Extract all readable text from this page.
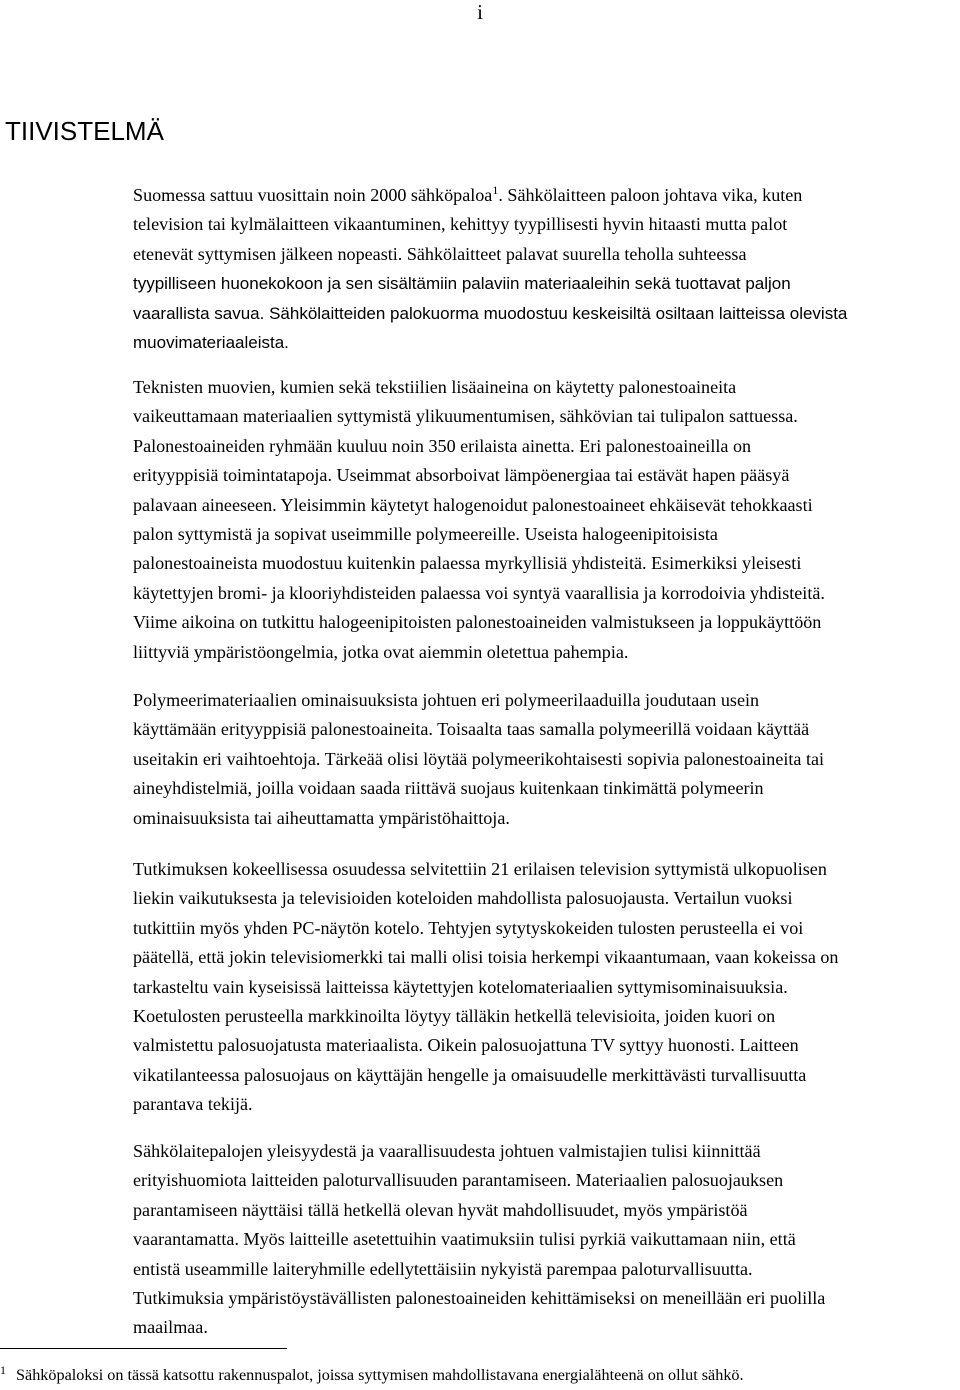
i
TIIVISTELMÄ
Suomessa sattuu vuosittain noin 2000 sähköpaloa$^1$. Sähkölaitteen paloon johtava vika, kuten
television tai kylmälaitteen vikaantuminen, kehittyy tyypillisesti hyvin hitaasti mutta palot
etenevät syttymisen jälkeen nopeasti. Sähkölaitteet palavat suurella teholla suhteessa
tyypilliseen huonekokoon ja sen sisältämiin palaviin materiaaleihin sekä tuottavat paljon
vaarallista savua. Sähkölaitteiden palokuorma muodostuu keskeisiltä osiltaan laitteissa olevista
muovimateriaaleista.
Teknisten muovien, kumien sekä tekstiilien lisäaineina on käytetty palonestoaineita
vaikeuttamaan materiaalien syttymistä ylikuumentumisen, sähkövian tai tulipalon sattuessa.
Palonestoaineiden ryhmään kuuluu noin 350 erilaista ainetta. Eri palonestoaineilla on
erityyppisiä toimintatapoja. Useimmat absorboivat lämpöenergiaa tai estävät hapen pääsyä
palavaan aineeseen. Yleisimmin käytetyt halogenoidut palonestoaineet ehkäisevät tehokkaasti
palon syttymistä ja sopivat useimmille polymeereille. Useista halogeenipitoisista
palonestoaineista muodostuu kuitenkin palaessa myrkyllisiä yhdisteitä. Esimerkiksi yleisesti
käytettyjen bromi- ja klooriyhdisteiden palaessa voi syntyä vaarallisia ja korrodoivia yhdisteitä.
Viime aikoina on tutkittu halogeenipitoisten palonestoaineiden valmistukseen ja loppukäyttöön
liittyviä ympäristöongelmia, jotka ovat aiemmin oletettua pahempia.
Polymeerimateriaalien ominaisuuksista johtuen eri polymeerilaaduilla joudutaan usein
käyttämään erityyppisiä palonestoaineita. Toisaalta taas samalla polymeerillä voidaan käyttää
useitakin eri vaihtoehtoja. Tärkeää olisi löytää polymeerikohtaisesti sopivia palonestoaineita tai
aineyhdistelmiä, joilla voidaan saada riittävä suojaus kuitenkaan tinkimättä polymeerin
ominaisuuksista tai aiheuttamatta ympäristöhaittoja.
Tutkimuksen kokeellisessa osuudessa selvitettiin 21 erilaisen television syttymistä ulkopuolisen
liekin vaikutuksesta ja televisioiden koteloiden mahdollista palosuojausta. Vertailun vuoksi
tutkittiin myös yhden PC-näytön kotelo. Tehtyjen sytytyskokeiden tulosten perusteella ei voi
päätellä, että jokin televisiomerkki tai malli olisi toisia herkempi vikaantumaan, vaan kokeissa on
tarkasteltu vain kyseisissä laitteissa käytettyjen kotelomateriaalien syttymisominaisuuksia.
Koetulosten perusteella markkinoilta löytyy tälläkin hetkellä televisioita, joiden kuori on
valmistettu palosuojatusta materiaalista. Oikein palosuojattuna TV syttyy huonosti. Laitteen
vikatilanteessa palosuojaus on käyttäjän hengelle ja omaisuudelle merkittävästi turvallisuutta
parantava tekijä.
Sähkölaitepalojen yleisyydestä ja vaarallisuudesta johtuen valmistajien tulisi kiinnittää
erityishuomiota laitteiden paloturvallisuuden parantamiseen. Materiaalien palosuojauksen
parantamiseen näyttäisi tällä hetkellä olevan hyvät mahdollisuudet, myös ympäristöä
vaarantamatta. Myös laitteille asetettuihin vaatimuksiin tulisi pyrkiä vaikuttamaan niin, että
entistä useammille laiteryhmille edellytettäisiin nykyistä parempaa paloturvallisuutta.
Tutkimuksia ympäristöystävällisten palonestoaineiden kehittämiseksi on meneillään eri puolilla
maailmaa.
$^1$ Sähköpaloksi on tässä katsottu rakennuspalot, joissa syttymisen mahdollistavana energialähteenä on ollut sähkö.
